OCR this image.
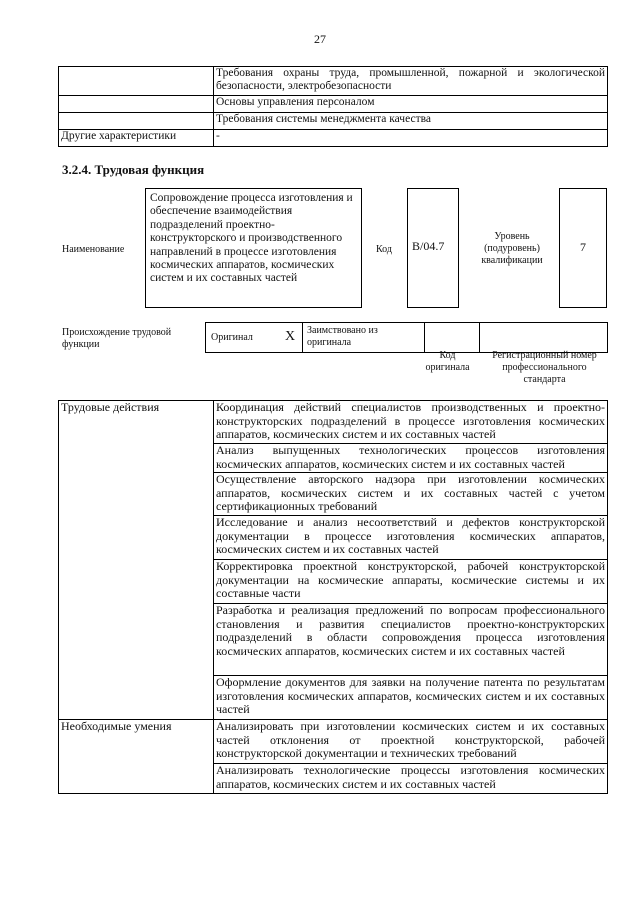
27
	Требования охраны труда, промышленной, пожарной и экологической безопасности, электробезопасности
	Основы управления персоналом
	Требования системы менеджмента качества
Другие характеристики	-
3.2.4. Трудовая функция
Наименование
Сопровождение процесса изготовления и обеспечение взаимодействия подразделений проектно-конструкторского и производственного направлений в процессе изготовления космических аппаратов, космических систем и их составных частей
Код	B/04.7
Уровень (подуровень) квалификации
7
Происхождение трудовой функции
Оригинал X Заимствовано из оригинала
Код оригинала
Регистрационный номер профессионального стандарта
Трудовые действия	Координация действий специалистов производственных и проектно-конструкторских подразделений в процессе изготовления космических аппаратов, космических систем и их составных частей
	Анализ выпущенных технологических процессов изготовления космических аппаратов, космических систем и их составных частей
	Осуществление авторского надзора при изготовлении космических аппаратов, космических систем и их составных частей с учетом сертификационных требований
	Исследование и анализ несоответствий и дефектов конструкторской документации в процессе изготовления космических аппаратов, космических систем и их составных частей
	Корректировка проектной конструкторской, рабочей конструкторской документации на космические аппараты, космические системы и их составные части
	Разработка и реализация предложений по вопросам профессионального становления и развития специалистов проектно-конструкторских подразделений в области сопровождения процесса изготовления космических аппаратов, космических систем и их составных частей
	Оформление документов для заявки на получение патента по результатам изготовления космических аппаратов, космических систем и их составных частей
Необходимые умения	Анализировать при изготовлении космических систем и их составных частей отклонения от проектной конструкторской, рабочей конструкторской документации и технических требований
	Анализировать технологические процессы изготовления космических аппаратов, космических систем и их составных частей
